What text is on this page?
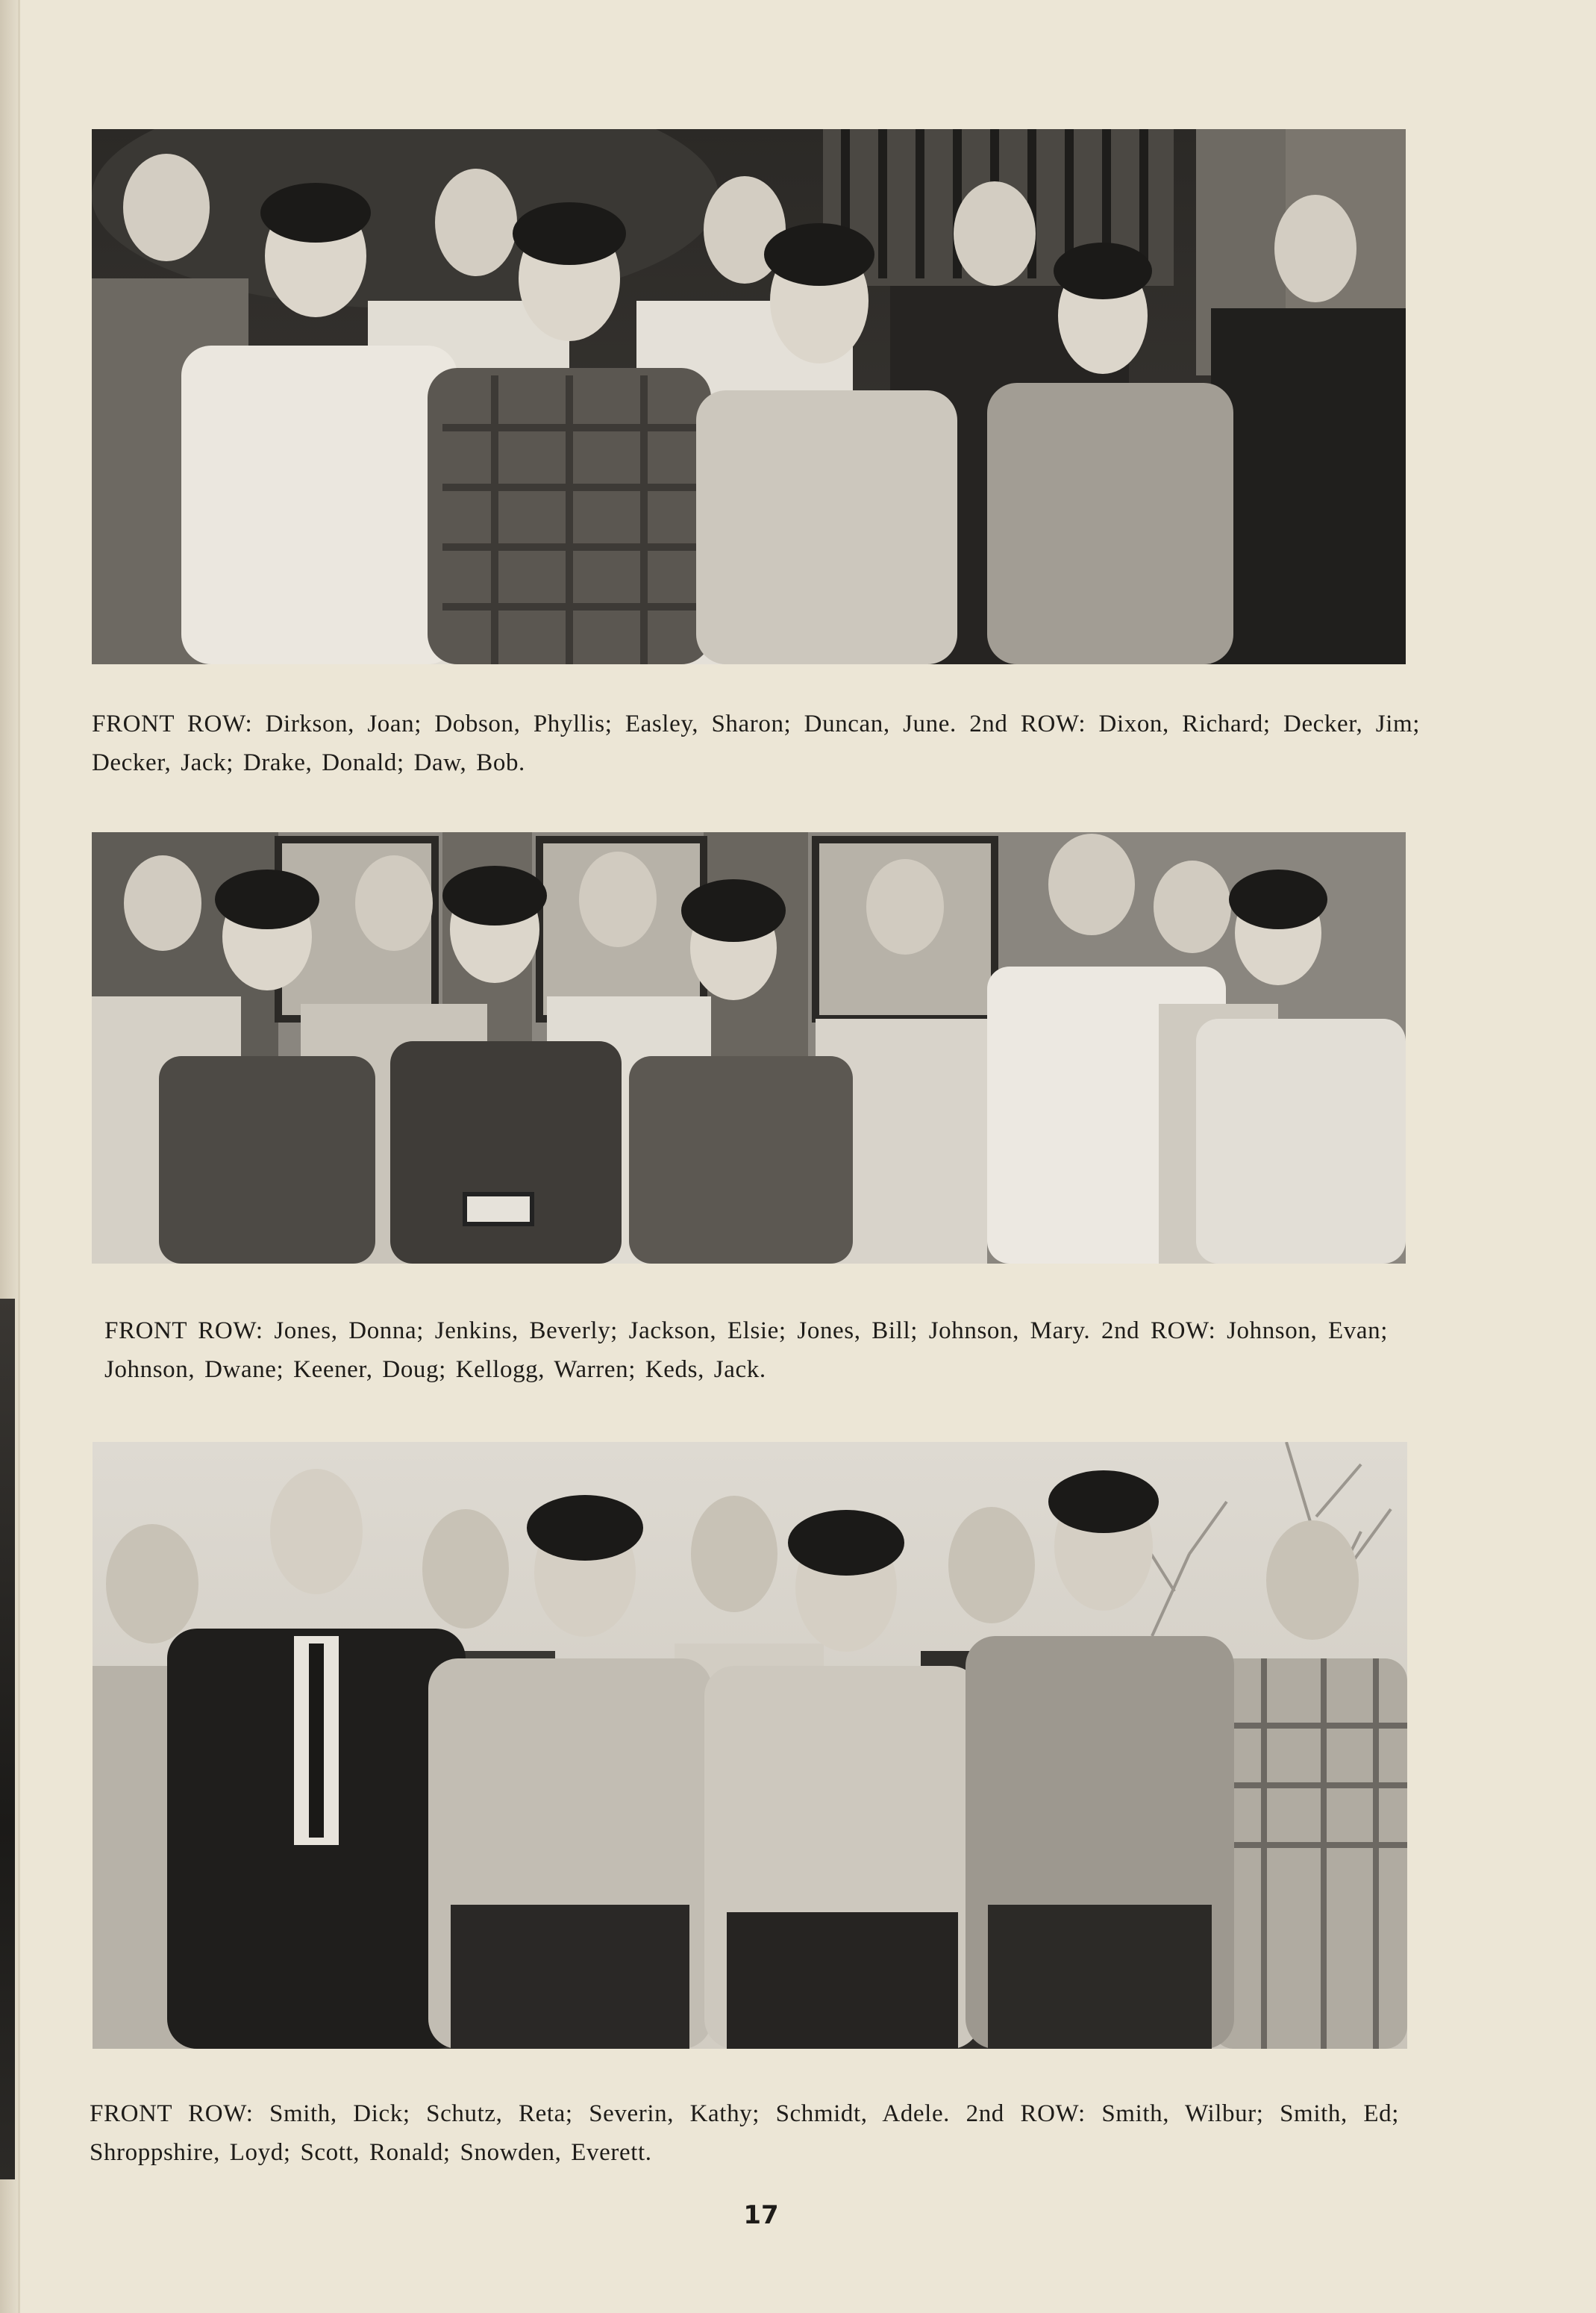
FRONT ROW: Dirkson, Joan; Dobson, Phyllis; Easley, Sharon; Duncan, June. 2nd ROW: Dixon, Richard; Decker, Jim; Decker, Jack; Drake, Donald; Daw, Bob.
FRONT ROW: Jones, Donna; Jenkins, Beverly; Jackson, Elsie; Jones, Bill; Johnson, Mary. 2nd ROW: Johnson, Evan; Johnson, Dwane; Keener, Doug; Kellogg, Warren; Keds, Jack.
FRONT ROW: Smith, Dick; Schutz, Reta; Severin, Kathy; Schmidt, Adele. 2nd ROW: Smith, Wilbur; Smith, Ed; Shroppshire, Loyd; Scott, Ronald; Snowden, Everett.
17
